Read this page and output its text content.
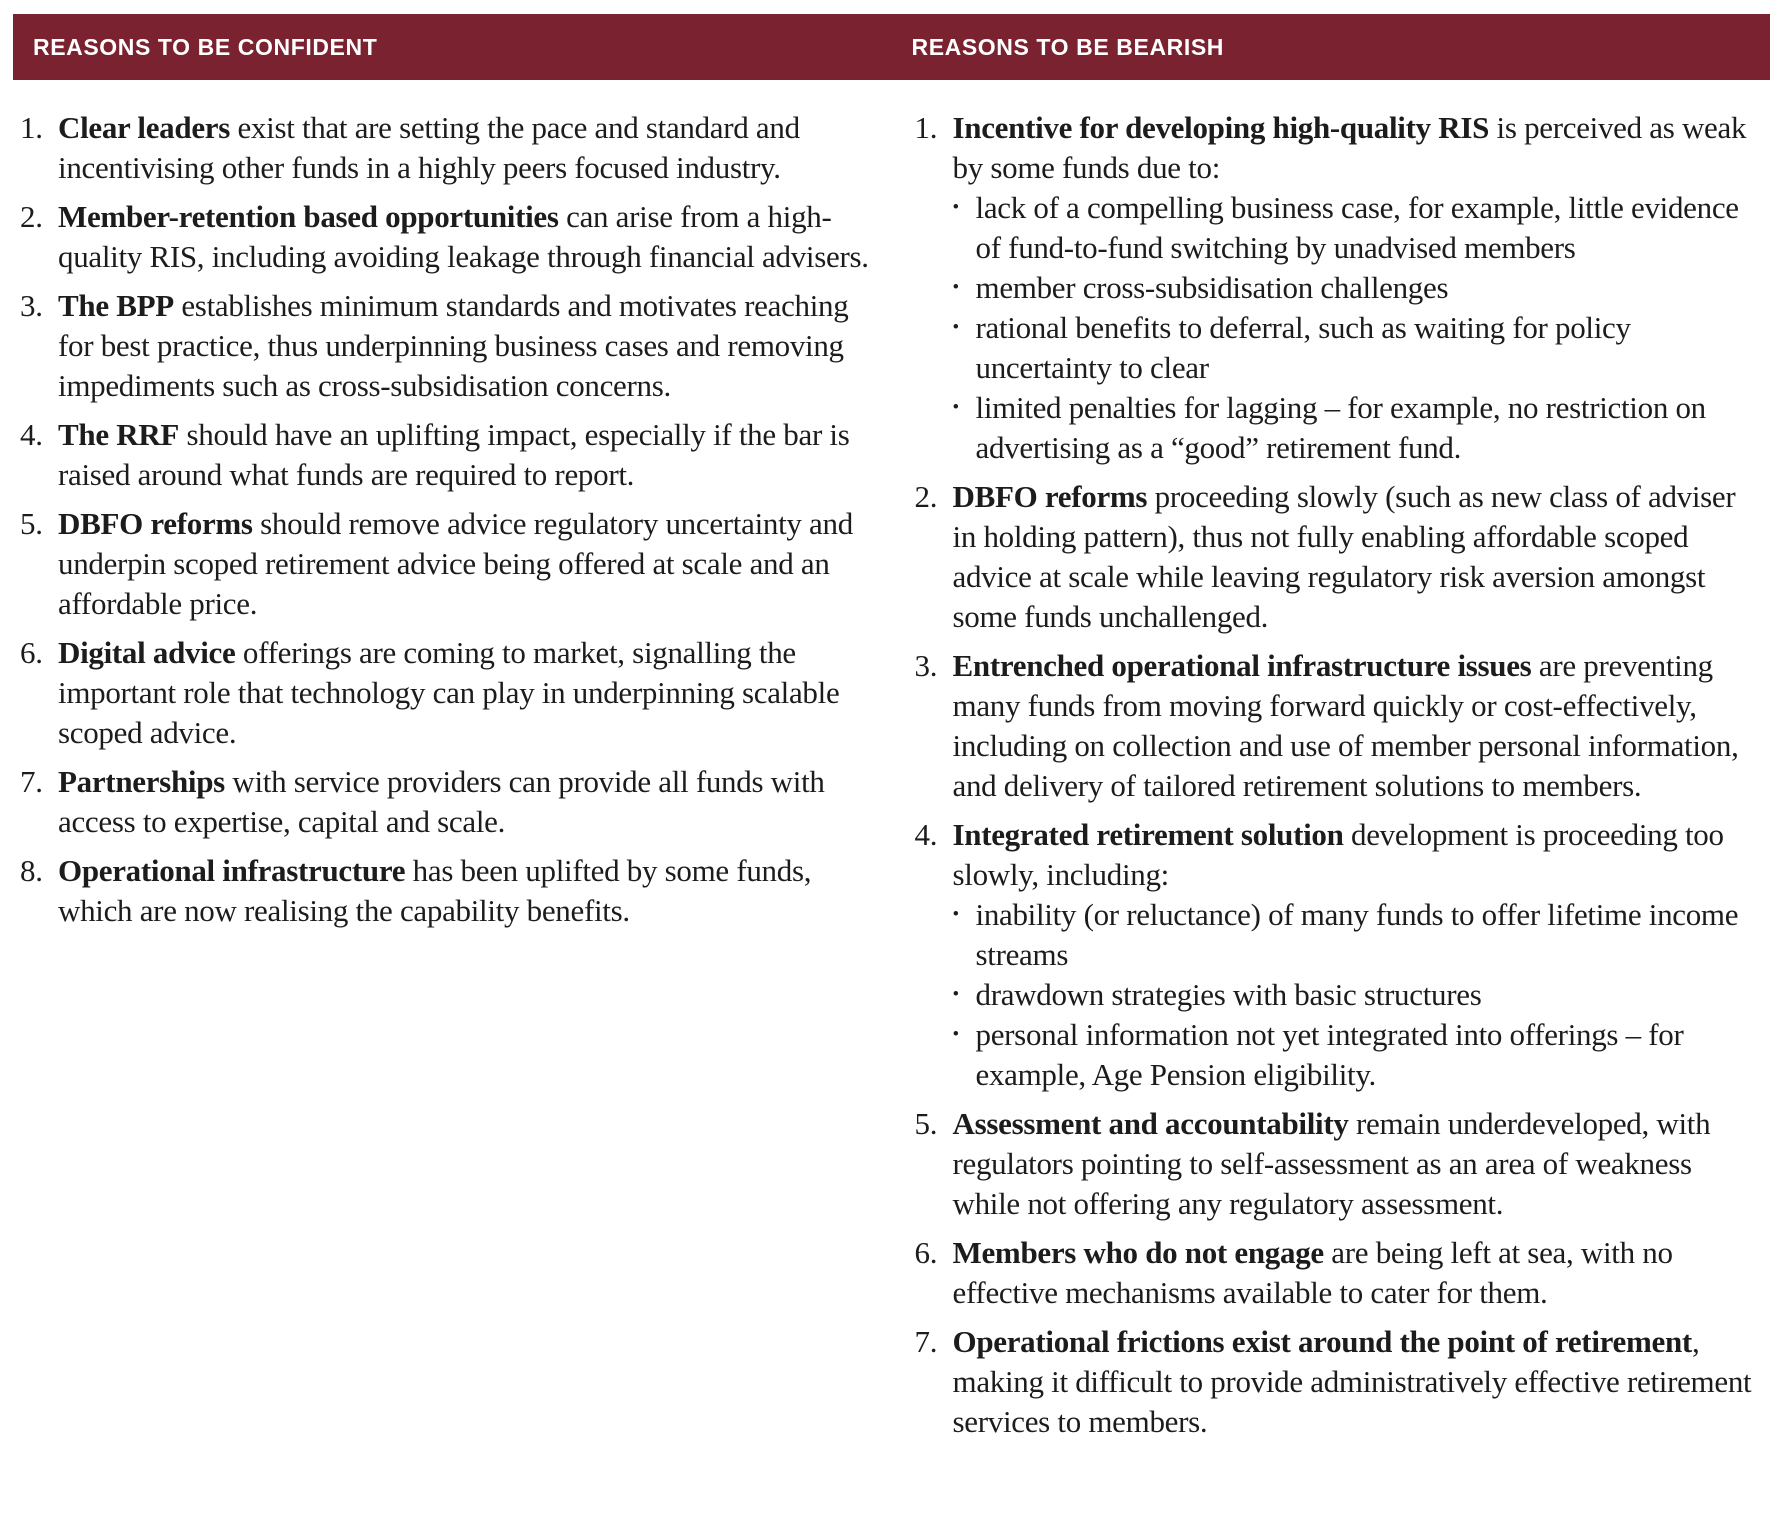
REASONS TO BE CONFIDENT	REASONS TO BE BEARISH
1. Clear leaders exist that are setting the pace and standard and incentivising other funds in a highly peers focused industry.
2. Member-retention based opportunities can arise from a high-quality RIS, including avoiding leakage through financial advisers.
3. The BPP establishes minimum standards and motivates reaching for best practice, thus underpinning business cases and removing impediments such as cross-subsidisation concerns.
4. The RRF should have an uplifting impact, especially if the bar is raised around what funds are required to report.
5. DBFO reforms should remove advice regulatory uncertainty and underpin scoped retirement advice being offered at scale and an affordable price.
6. Digital advice offerings are coming to market, signalling the important role that technology can play in underpinning scalable scoped advice.
7. Partnerships with service providers can provide all funds with access to expertise, capital and scale.
8. Operational infrastructure has been uplifted by some funds, which are now realising the capability benefits.
1. Incentive for developing high-quality RIS is perceived as weak by some funds due to:
• lack of a compelling business case, for example, little evidence of fund-to-fund switching by unadvised members
• member cross-subsidisation challenges
• rational benefits to deferral, such as waiting for policy uncertainty to clear
• limited penalties for lagging – for example, no restriction on advertising as a “good” retirement fund.
2. DBFO reforms proceeding slowly (such as new class of adviser in holding pattern), thus not fully enabling affordable scoped advice at scale while leaving regulatory risk aversion amongst some funds unchallenged.
3. Entrenched operational infrastructure issues are preventing many funds from moving forward quickly or cost-effectively, including on collection and use of member personal information, and delivery of tailored retirement solutions to members.
4. Integrated retirement solution development is proceeding too slowly, including:
• inability (or reluctance) of many funds to offer lifetime income streams
• drawdown strategies with basic structures
• personal information not yet integrated into offerings – for example, Age Pension eligibility.
5. Assessment and accountability remain underdeveloped, with regulators pointing to self-assessment as an area of weakness while not offering any regulatory assessment.
6. Members who do not engage are being left at sea, with no effective mechanisms available to cater for them.
7. Operational frictions exist around the point of retirement, making it difficult to provide administratively effective retirement services to members.
